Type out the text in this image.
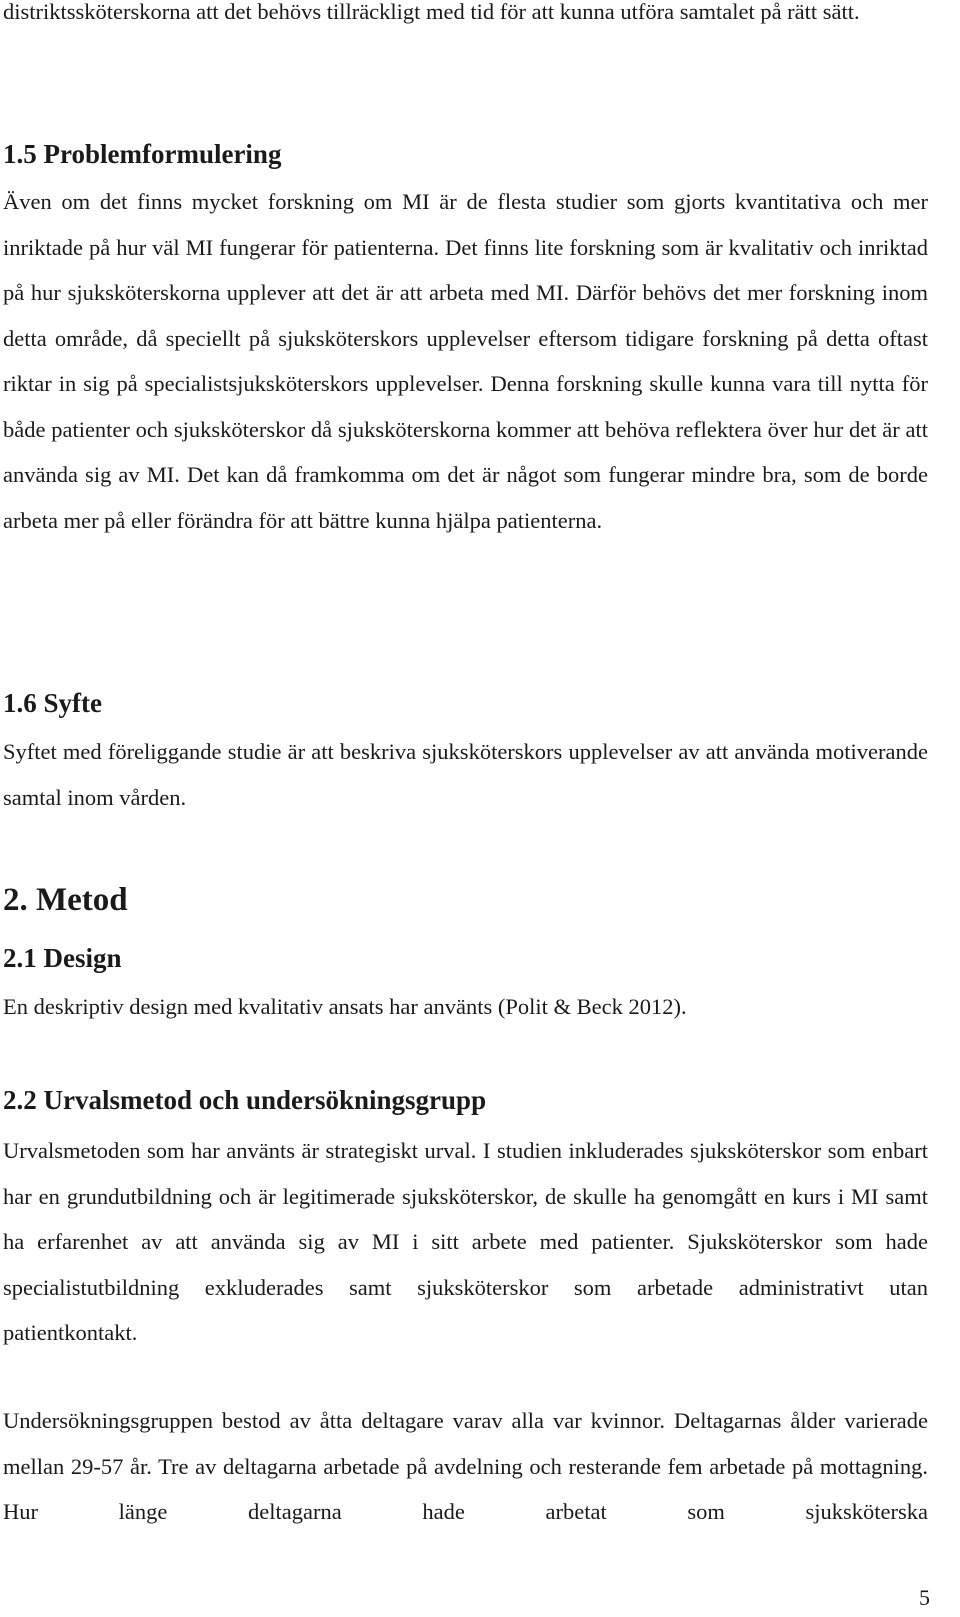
distriktssköterskorna att det behövs tillräckligt med tid för att kunna utföra samtalet på rätt sätt.

1.5 Problemformulering

Även om det finns mycket forskning om MI är de flesta studier som gjorts kvantitativa och mer inriktade på hur väl MI fungerar för patienterna. Det finns lite forskning som är kvalitativ och inriktad på hur sjuksköterskorna upplever att det är att arbeta med MI. Därför behövs det mer forskning inom detta område, då speciellt på sjuksköterskors upplevelser eftersom tidigare forskning på detta oftast riktar in sig på specialistsjuksköterskors upplevelser. Denna forskning skulle kunna vara till nytta för både patienter och sjuksköterskor då sjuksköterskorna kommer att behöva reflektera över hur det är att använda sig av MI. Det kan då framkomma om det är något som fungerar mindre bra, som de borde arbeta mer på eller förändra för att bättre kunna hjälpa patienterna.

1.6 Syfte

Syftet med föreliggande studie är att beskriva sjuksköterskors upplevelser av att använda motiverande samtal inom vården.

2. Metod
2.1 Design

En deskriptiv design med kvalitativ ansats har använts (Polit & Beck 2012).

2.2 Urvalsmetod och undersökningsgrupp

Urvalsmetoden som har använts är strategiskt urval. I studien inkluderades sjuksköterskor som enbart har en grundutbildning och är legitimerade sjuksköterskor, de skulle ha genomgått en kurs i MI samt ha erfarenhet av att använda sig av MI i sitt arbete med patienter. Sjuksköterskor som hade specialistutbildning exkluderades samt sjuksköterskor som arbetade administrativt utan patientkontakt.

Undersökningsgruppen bestod av åtta deltagare varav alla var kvinnor. Deltagarnas ålder varierade mellan 29-57 år. Tre av deltagarna arbetade på avdelning och resterande fem arbetade på mottagning. Hur länge deltagarna hade arbetat som sjuksköterska

5
